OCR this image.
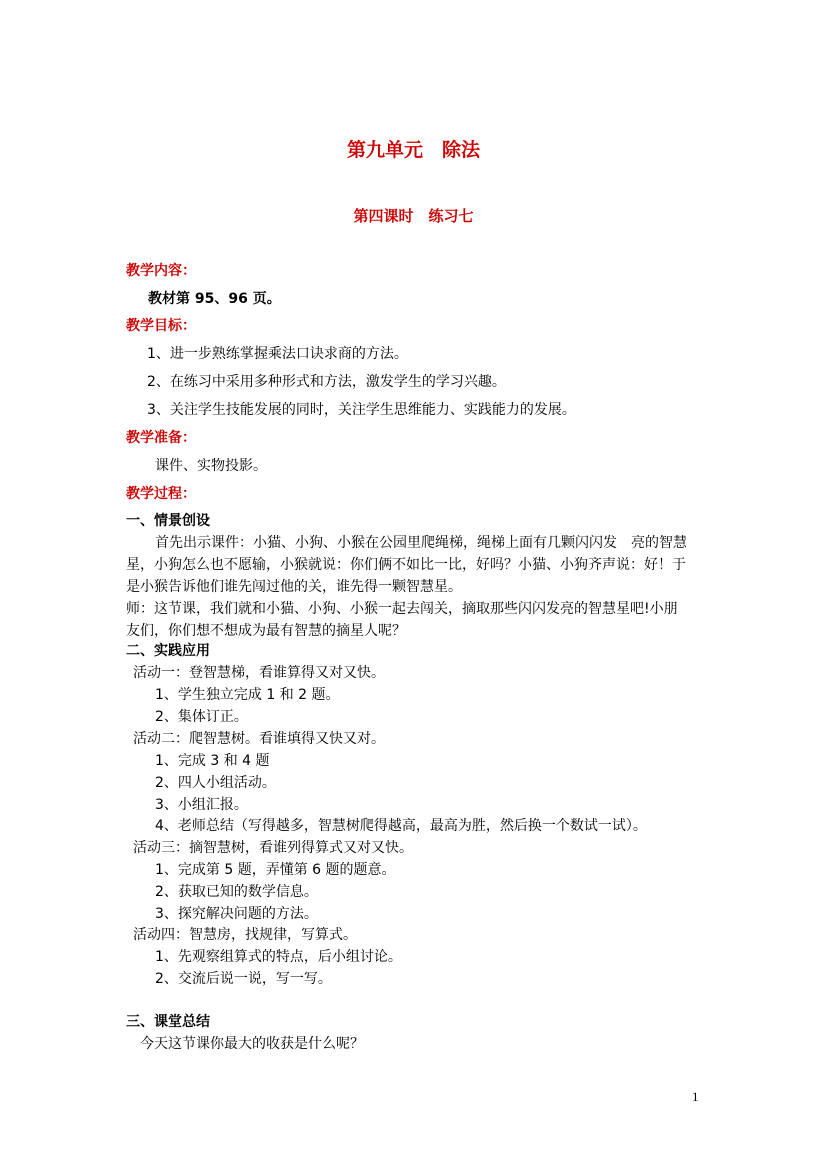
第九单元　除法
第四课时　练习七
教学内容：
教材第 95、96 页。
教学目标：
1、进一步熟练掌握乘法口诀求商的方法。
2、在练习中采用多种形式和方法，激发学生的学习兴趣。
3、关注学生技能发展的同时，关注学生思维能力、实践能力的发展。
教学准备：
课件、实物投影。
教学过程：
一、情景创设
首先出示课件：小猫、小狗、小猴在公园里爬绳梯，绳梯上面有几颗闪闪发　亮的智慧
星，小狗怎么也不愿输，小猴就说：你们俩不如比一比，好吗？小猫、小狗齐声说：好！于
是小猴告诉他们谁先闯过他的关，谁先得一颗智慧星。
师：这节课，我们就和小猫、小狗、小猴一起去闯关，摘取那些闪闪发亮的智慧星吧!小朋
友们，你们想不想成为最有智慧的摘星人呢？
二、实践应用
活动一：登智慧梯，看谁算得又对又快。
1、学生独立完成 1 和 2 题。
2、集体订正。
活动二：爬智慧树。看谁填得又快又对。
1、完成 3 和 4 题
2、四人小组活动。
3、小组汇报。
4、老师总结（写得越多，智慧树爬得越高，最高为胜，然后换一个数试一试）。
活动三：摘智慧树，看谁列得算式又对又快。
1、完成第 5 题，弄懂第 6 题的题意。
2、获取已知的数学信息。
3、探究解决问题的方法。
活动四：智慧房，找规律，写算式。
1、先观察组算式的特点，后小组讨论。
2、交流后说一说，写一写。
三、课堂总结
今天这节课你最大的收获是什么呢？
1
